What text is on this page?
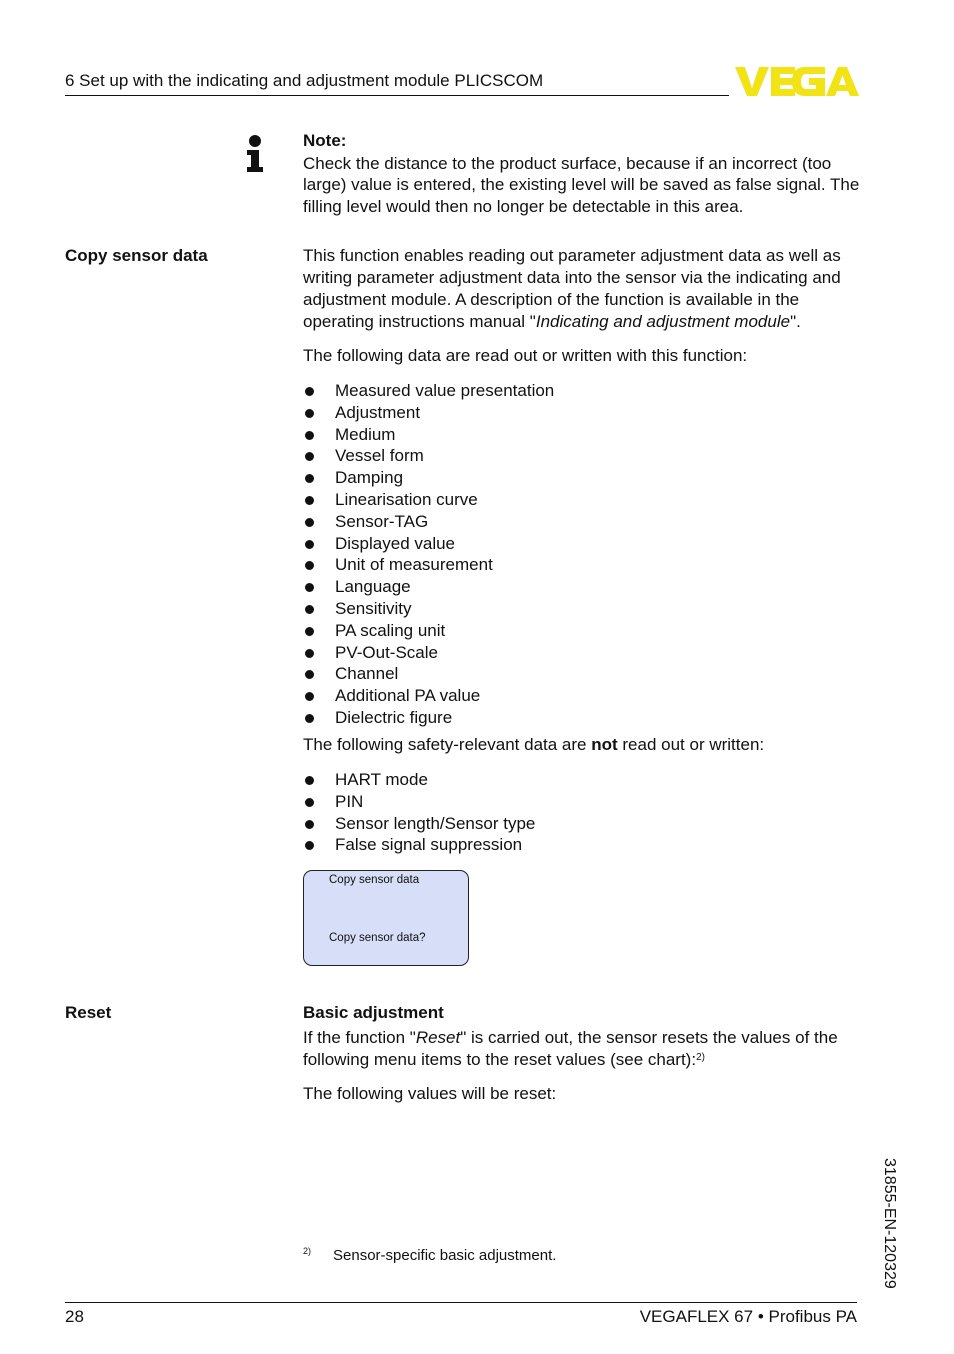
6 Set up with the indicating and adjustment module PLICSCOM
Note:
Check the distance to the product surface, because if an incorrect (too large) value is entered, the existing level will be saved as false signal. The filling level would then no longer be detectable in this area.
Copy sensor data	This function enables reading out parameter adjustment data as well as writing parameter adjustment data into the sensor via the indicating and adjustment module. A description of the function is available in the operating instructions manual "Indicating and adjustment module".
The following data are read out or written with this function:
Measured value presentation
Adjustment
Medium
Vessel form
Damping
Linearisation curve
Sensor-TAG
Displayed value
Unit of measurement
Language
Sensitivity
PA scaling unit
PV-Out-Scale
Channel
Additional PA value
Dielectric figure
The following safety-relevant data are not read out or written:
HART mode
PIN
Sensor length/Sensor type
False signal suppression
Copy sensor data
Copy sensor data?
Reset	Basic adjustment
If the function "Reset" is carried out, the sensor resets the values of the following menu items to the reset values (see chart):$^{2)}$
The following values will be reset:
$^{2)}$ Sensor-specific basic adjustment.	31855-EN-120329
28	VEGAFLEX 67 • Profibus PA
